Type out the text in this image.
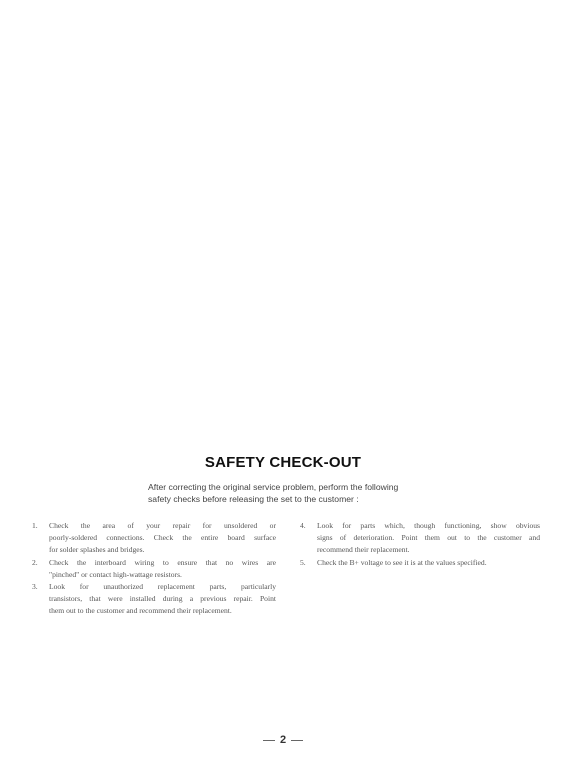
SAFETY CHECK-OUT
After correcting the original service problem, perform the following
safety checks before releasing the set to the customer :
1. Check the area of your repair for unsoldered or
poorly-soldered connections. Check the entire board surface
for solder splashes and bridges.
2. Check the interboard wiring to ensure that no wires are
"pinched" or contact high-wattage resistors.
3. Look for unauthorized replacement parts, particularly
transistors, that were installed during a previous repair. Point
them out to the customer and recommend their replacement.
4. Look for parts which, though functioning, show obvious
signs of deterioration. Point them out to the customer and
recommend their replacement.
5. Check the B+ voltage to see it is at the values specified.
2
